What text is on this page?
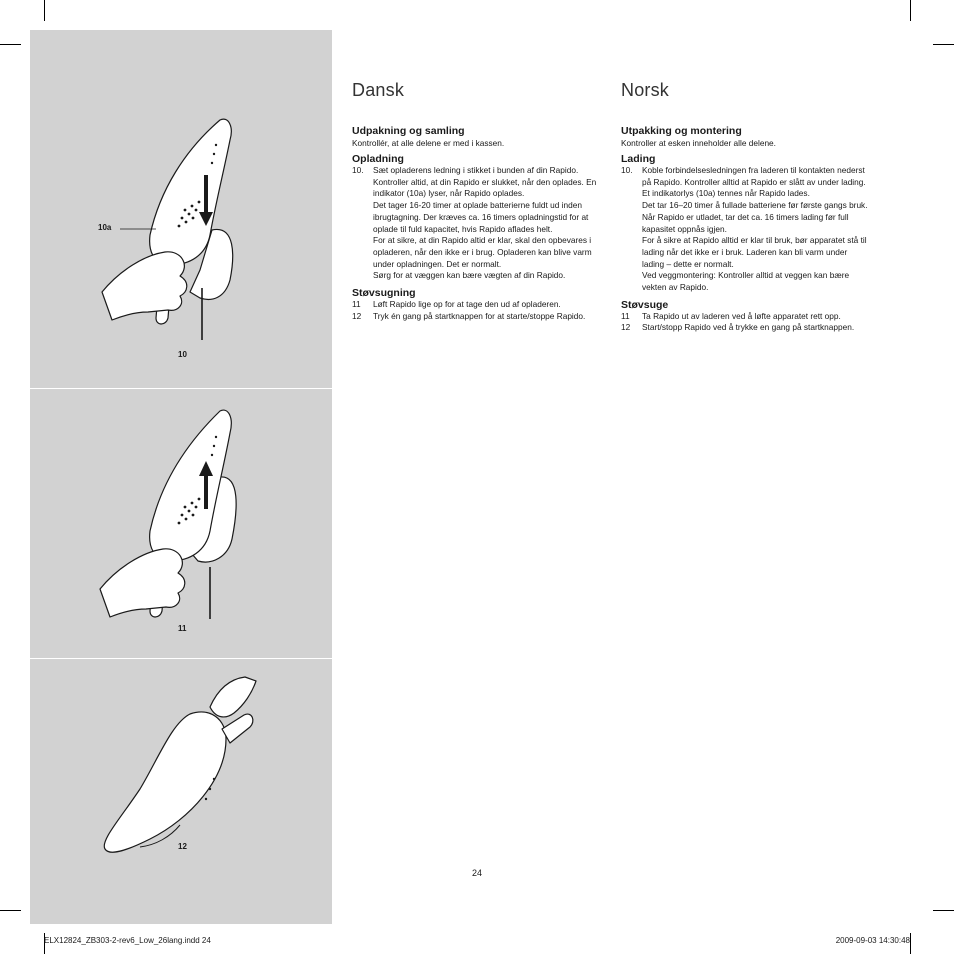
10a
10
11
12
Dansk
Udpakning og samling
Kontrollér, at alle delene er med i kassen.
Opladning
10.	Sæt opladerens ledning i stikket i bunden af din Rapido. Kontroller altid, at din Rapido er slukket, når den oplades. En indikator (10a) lyser, når Rapido oplades.
Det tager 16-20 timer at oplade batterierne fuldt ud inden ibrugtagning. Der kræves ca. 16 timers opladningstid for at oplade til fuld kapacitet, hvis Rapido aflades helt.
For at sikre, at din Rapido altid er klar, skal den opbevares i opladeren, når den ikke er i brug. Opladeren kan blive varm under opladningen. Det er normalt.
Sørg for at væggen kan bære vægten af din Rapido.
Støvsugning
11	Løft Rapido lige op for at tage den ud af opladeren.
12	Tryk én gang på startknappen for at starte/stoppe Rapido.
Norsk
Utpakking og montering
Kontroller at esken inneholder alle delene.
Lading
10.	Koble forbindelsesledningen fra laderen til kontakten nederst på Rapido. Kontroller alltid at Rapido er slått av under lading. Et indikatorlys (10a) tennes når Rapido lades.
Det tar 16–20 timer å fullade batteriene før første gangs bruk. Når Rapido er utladet, tar det ca. 16 timers lading før full kapasitet oppnås igjen.
For å sikre at Rapido alltid er klar til bruk, bør apparatet stå til lading når det ikke er i bruk. Laderen kan bli varm under lading – dette er normalt.
Ved veggmontering: Kontroller alltid at veggen kan bære vekten av Rapido.
Støvsuge
11	Ta Rapido ut av laderen ved å løfte apparatet rett opp.
12	Start/stopp Rapido ved å trykke en gang på startknappen.
24
ELX12824_ZB303-2-rev6_Low_26lang.indd 24	2009-09-03 14:30:48
